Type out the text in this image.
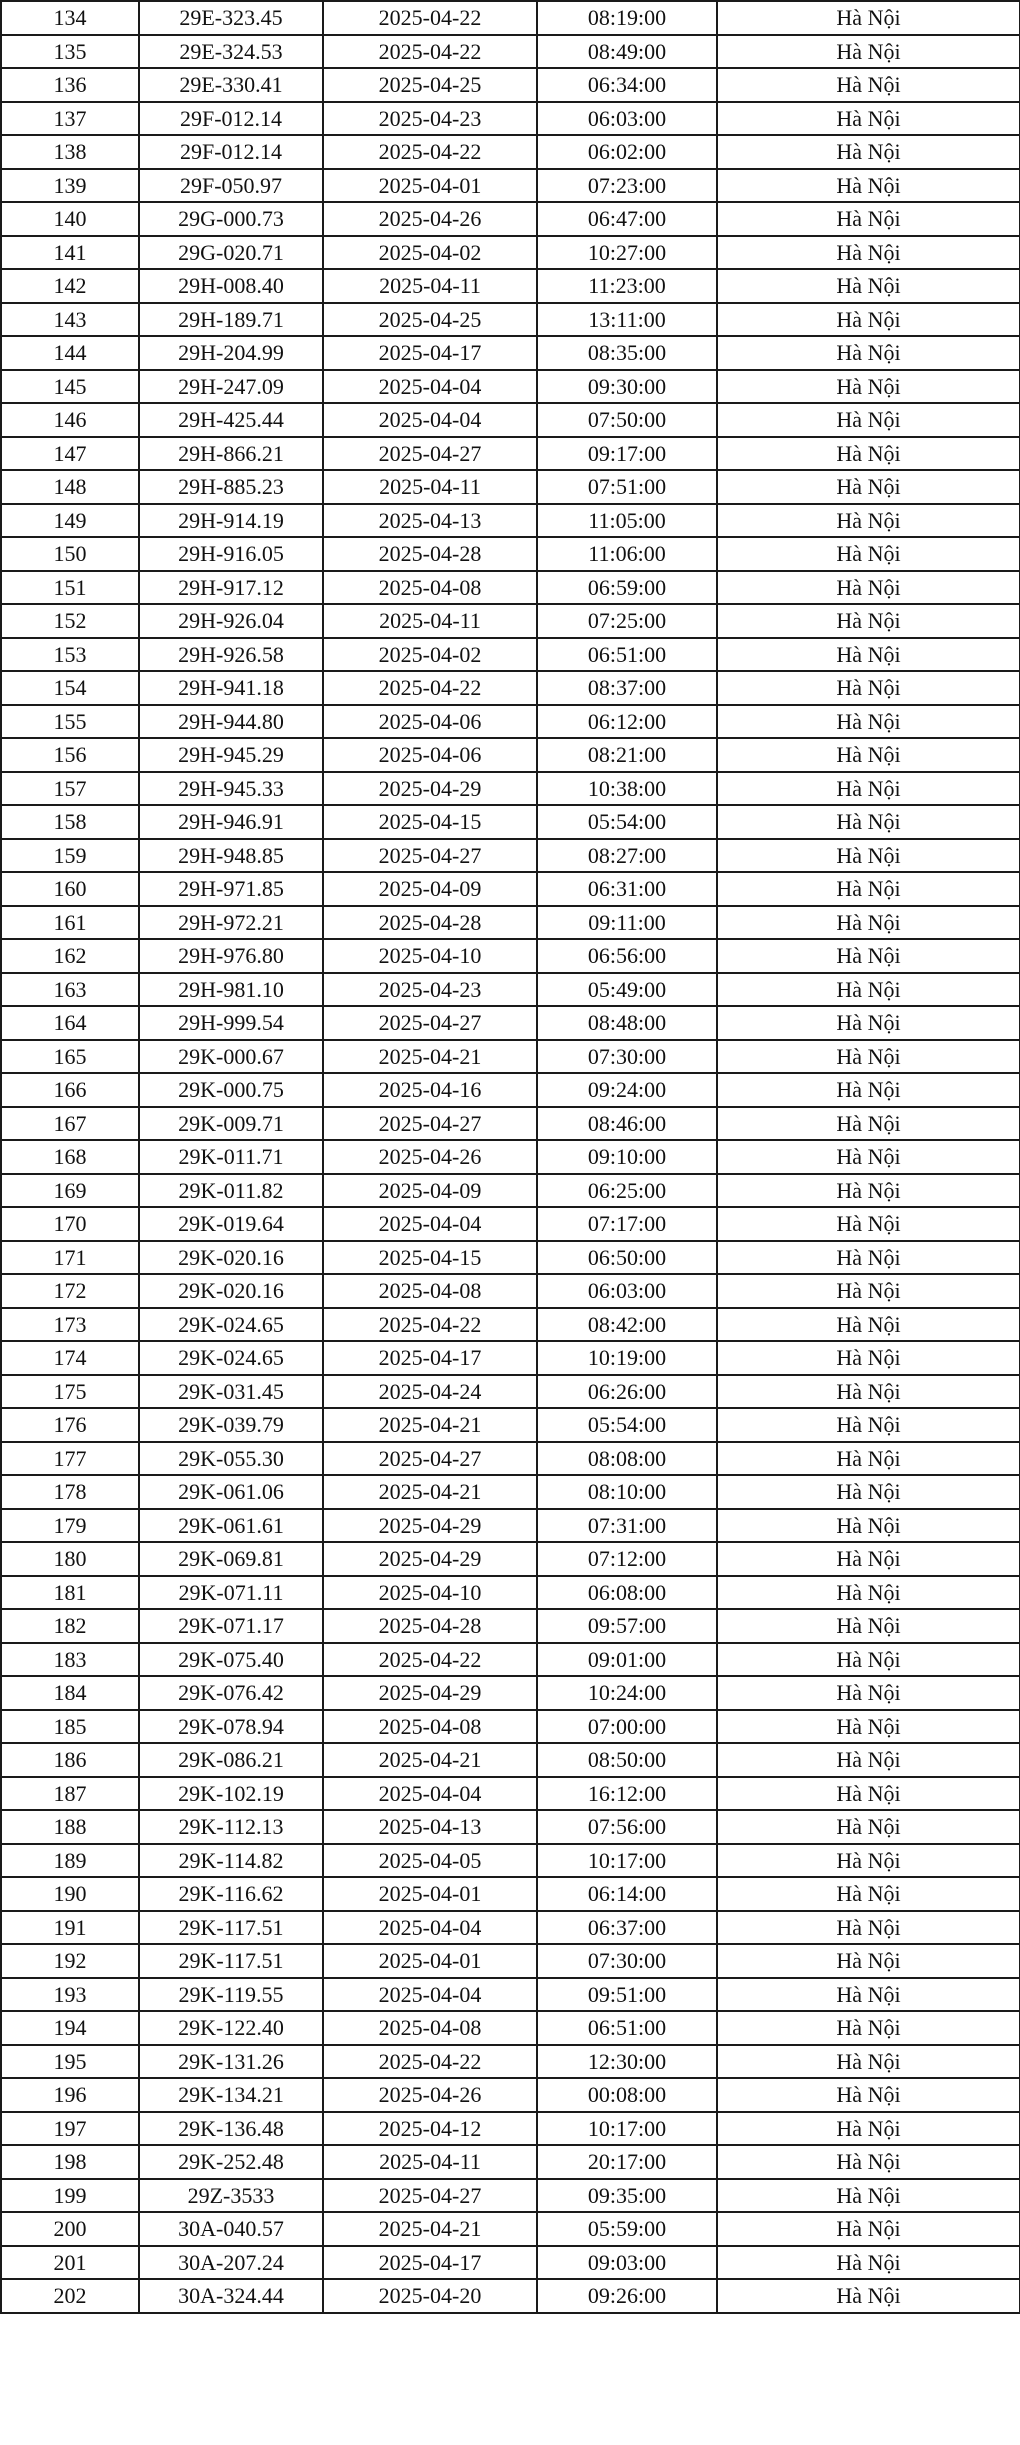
134	29E-323.45	2025-04-22	08:19:00	Hà Nội
135	29E-324.53	2025-04-22	08:49:00	Hà Nội
136	29E-330.41	2025-04-25	06:34:00	Hà Nội
137	29F-012.14	2025-04-23	06:03:00	Hà Nội
138	29F-012.14	2025-04-22	06:02:00	Hà Nội
139	29F-050.97	2025-04-01	07:23:00	Hà Nội
140	29G-000.73	2025-04-26	06:47:00	Hà Nội
141	29G-020.71	2025-04-02	10:27:00	Hà Nội
142	29H-008.40	2025-04-11	11:23:00	Hà Nội
143	29H-189.71	2025-04-25	13:11:00	Hà Nội
144	29H-204.99	2025-04-17	08:35:00	Hà Nội
145	29H-247.09	2025-04-04	09:30:00	Hà Nội
146	29H-425.44	2025-04-04	07:50:00	Hà Nội
147	29H-866.21	2025-04-27	09:17:00	Hà Nội
148	29H-885.23	2025-04-11	07:51:00	Hà Nội
149	29H-914.19	2025-04-13	11:05:00	Hà Nội
150	29H-916.05	2025-04-28	11:06:00	Hà Nội
151	29H-917.12	2025-04-08	06:59:00	Hà Nội
152	29H-926.04	2025-04-11	07:25:00	Hà Nội
153	29H-926.58	2025-04-02	06:51:00	Hà Nội
154	29H-941.18	2025-04-22	08:37:00	Hà Nội
155	29H-944.80	2025-04-06	06:12:00	Hà Nội
156	29H-945.29	2025-04-06	08:21:00	Hà Nội
157	29H-945.33	2025-04-29	10:38:00	Hà Nội
158	29H-946.91	2025-04-15	05:54:00	Hà Nội
159	29H-948.85	2025-04-27	08:27:00	Hà Nội
160	29H-971.85	2025-04-09	06:31:00	Hà Nội
161	29H-972.21	2025-04-28	09:11:00	Hà Nội
162	29H-976.80	2025-04-10	06:56:00	Hà Nội
163	29H-981.10	2025-04-23	05:49:00	Hà Nội
164	29H-999.54	2025-04-27	08:48:00	Hà Nội
165	29K-000.67	2025-04-21	07:30:00	Hà Nội
166	29K-000.75	2025-04-16	09:24:00	Hà Nội
167	29K-009.71	2025-04-27	08:46:00	Hà Nội
168	29K-011.71	2025-04-26	09:10:00	Hà Nội
169	29K-011.82	2025-04-09	06:25:00	Hà Nội
170	29K-019.64	2025-04-04	07:17:00	Hà Nội
171	29K-020.16	2025-04-15	06:50:00	Hà Nội
172	29K-020.16	2025-04-08	06:03:00	Hà Nội
173	29K-024.65	2025-04-22	08:42:00	Hà Nội
174	29K-024.65	2025-04-17	10:19:00	Hà Nội
175	29K-031.45	2025-04-24	06:26:00	Hà Nội
176	29K-039.79	2025-04-21	05:54:00	Hà Nội
177	29K-055.30	2025-04-27	08:08:00	Hà Nội
178	29K-061.06	2025-04-21	08:10:00	Hà Nội
179	29K-061.61	2025-04-29	07:31:00	Hà Nội
180	29K-069.81	2025-04-29	07:12:00	Hà Nội
181	29K-071.11	2025-04-10	06:08:00	Hà Nội
182	29K-071.17	2025-04-28	09:57:00	Hà Nội
183	29K-075.40	2025-04-22	09:01:00	Hà Nội
184	29K-076.42	2025-04-29	10:24:00	Hà Nội
185	29K-078.94	2025-04-08	07:00:00	Hà Nội
186	29K-086.21	2025-04-21	08:50:00	Hà Nội
187	29K-102.19	2025-04-04	16:12:00	Hà Nội
188	29K-112.13	2025-04-13	07:56:00	Hà Nội
189	29K-114.82	2025-04-05	10:17:00	Hà Nội
190	29K-116.62	2025-04-01	06:14:00	Hà Nội
191	29K-117.51	2025-04-04	06:37:00	Hà Nội
192	29K-117.51	2025-04-01	07:30:00	Hà Nội
193	29K-119.55	2025-04-04	09:51:00	Hà Nội
194	29K-122.40	2025-04-08	06:51:00	Hà Nội
195	29K-131.26	2025-04-22	12:30:00	Hà Nội
196	29K-134.21	2025-04-26	00:08:00	Hà Nội
197	29K-136.48	2025-04-12	10:17:00	Hà Nội
198	29K-252.48	2025-04-11	20:17:00	Hà Nội
199	29Z-3533	2025-04-27	09:35:00	Hà Nội
200	30A-040.57	2025-04-21	05:59:00	Hà Nội
201	30A-207.24	2025-04-17	09:03:00	Hà Nội
202	30A-324.44	2025-04-20	09:26:00	Hà Nội
